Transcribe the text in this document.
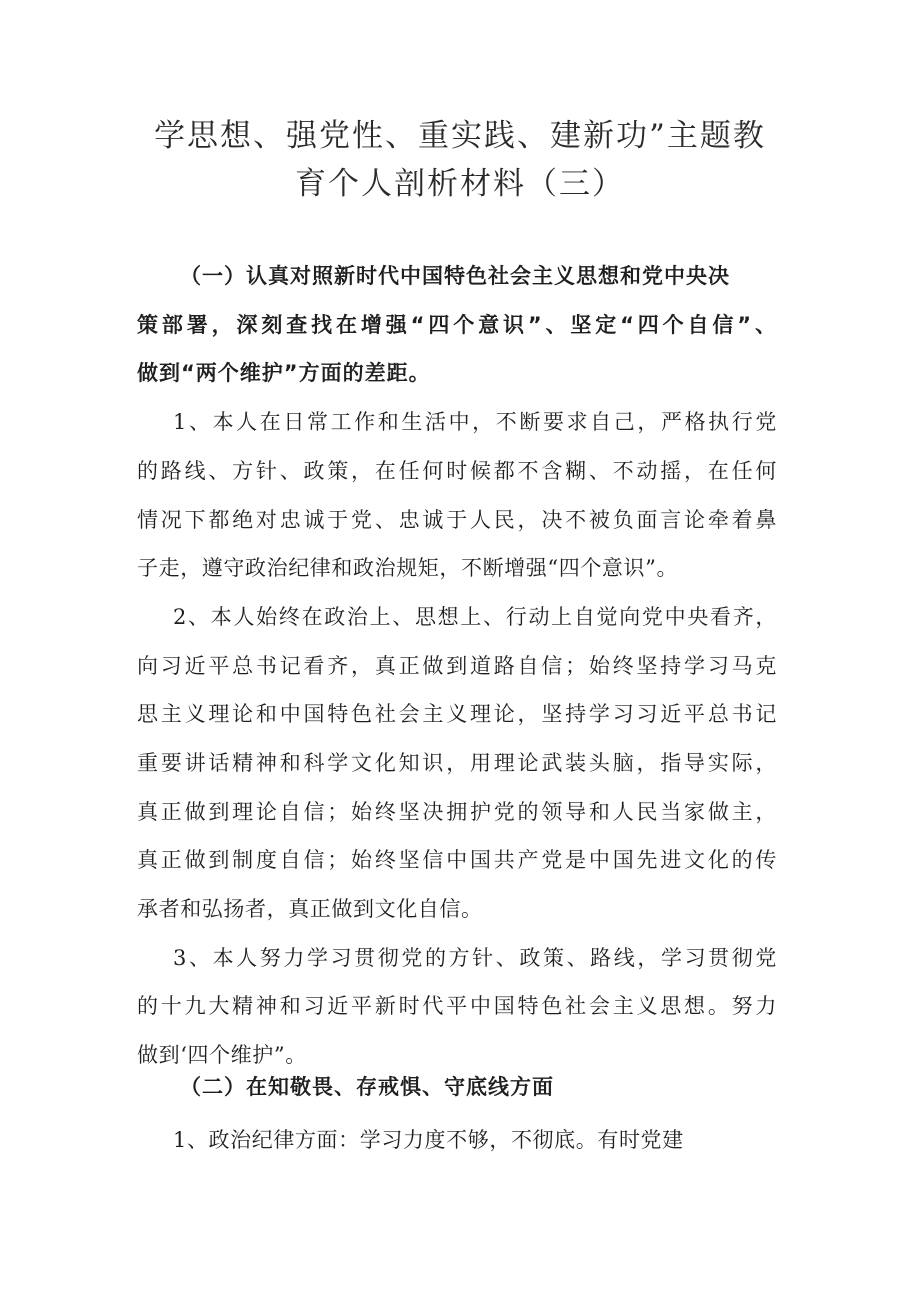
学思想、强党性、重实践、建新功”主题教
育个人剖析材料（三）
（一）认真对照新时代中国特色社会主义思想和党中央决
策部署，深刻查找在增强“四个意识”、坚定“四个自信”、
做到“两个维护”方面的差距。
1、本人在日常工作和生活中，不断要求自己，严格执行党
的路线、方针、政策，在任何时候都不含糊、不动摇，在任何
情况下都绝对忠诚于党、忠诚于人民，决不被负面言论牵着鼻
子走，遵守政治纪律和政治规矩，不断增强“四个意识”。
2、本人始终在政治上、思想上、行动上自觉向党中央看齐，
向习近平总书记看齐，真正做到道路自信；始终坚持学习马克
思主义理论和中国特色社会主义理论，坚持学习习近平总书记
重要讲话精神和科学文化知识，用理论武装头脑，指导实际，
真正做到理论自信；始终坚决拥护党的领导和人民当家做主，
真正做到制度自信；始终坚信中国共产党是中国先进文化的传
承者和弘扬者，真正做到文化自信。
3、本人努力学习贯彻党的方针、政策、路线，学习贯彻党
的十九大精神和习近平新时代平中国特色社会主义思想。努力
做到‘四个维护”。
（二）在知敬畏、存戒惧、守底线方面
1、政治纪律方面：学习力度不够，不彻底。有时党建
